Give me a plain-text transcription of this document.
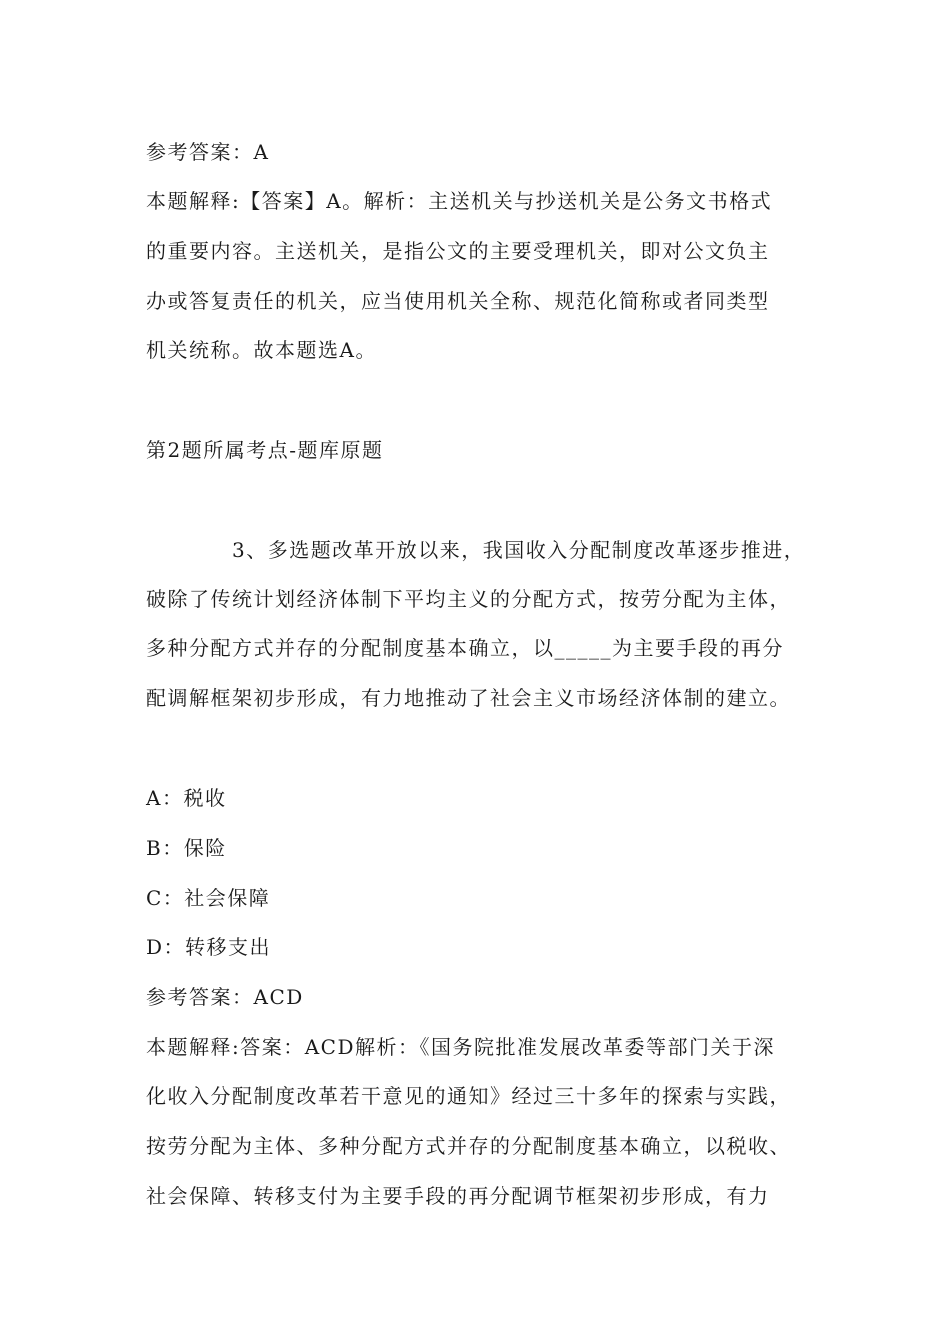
参考答案：A
本题解释:【答案】A。解析：主送机关与抄送机关是公务文书格式
的重要内容。主送机关，是指公文的主要受理机关，即对公文负主
办或答复责任的机关，应当使用机关全称、规范化简称或者同类型
机关统称。故本题选A。
第2题所属考点-题库原题
3、多选题改革开放以来，我国收入分配制度改革逐步推进，
破除了传统计划经济体制下平均主义的分配方式，按劳分配为主体，
多种分配方式并存的分配制度基本确立，以_____为主要手段的再分
配调解框架初步形成，有力地推动了社会主义市场经济体制的建立。
A：税收
B：保险
C：社会保障
D：转移支出
参考答案：ACD
本题解释:答案：ACD解析：《国务院批准发展改革委等部门关于深
化收入分配制度改革若干意见的通知》经过三十多年的探索与实践，
按劳分配为主体、多种分配方式并存的分配制度基本确立，以税收、
社会保障、转移支付为主要手段的再分配调节框架初步形成，有力
